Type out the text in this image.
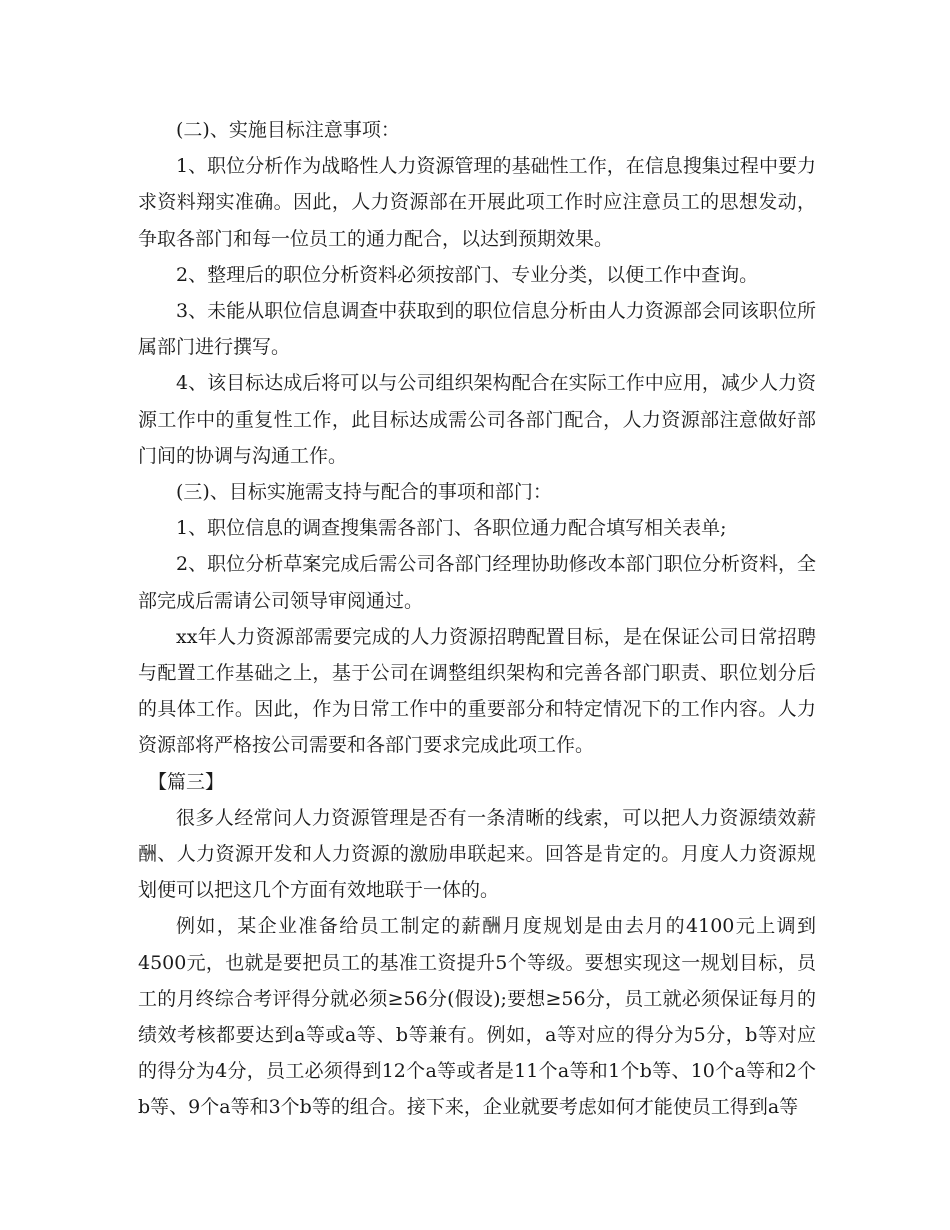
(二)、实施目标注意事项：

1、职位分析作为战略性人力资源管理的基础性工作，在信息搜集过程中要力求资料翔实准确。因此，人力资源部在开展此项工作时应注意员工的思想发动，争取各部门和每一位员工的通力配合，以达到预期效果。

2、整理后的职位分析资料必须按部门、专业分类，以便工作中查询。

3、未能从职位信息调查中获取到的职位信息分析由人力资源部会同该职位所属部门进行撰写。

4、该目标达成后将可以与公司组织架构配合在实际工作中应用，减少人力资源工作中的重复性工作，此目标达成需公司各部门配合，人力资源部注意做好部门间的协调与沟通工作。

(三)、目标实施需支持与配合的事项和部门：

1、职位信息的调查搜集需各部门、各职位通力配合填写相关表单;

2、职位分析草案完成后需公司各部门经理协助修改本部门职位分析资料，全部完成后需请公司领导审阅通过。

xx年人力资源部需要完成的人力资源招聘配置目标，是在保证公司日常招聘与配置工作基础之上，基于公司在调整组织架构和完善各部门职责、职位划分后的具体工作。因此，作为日常工作中的重要部分和特定情况下的工作内容。人力资源部将严格按公司需要和各部门要求完成此项工作。

【篇三】

很多人经常问人力资源管理是否有一条清晰的线索，可以把人力资源绩效薪酬、人力资源开发和人力资源的激励串联起来。回答是肯定的。月度人力资源规划便可以把这几个方面有效地联于一体的。

例如，某企业准备给员工制定的薪酬月度规划是由去月的4100元上调到4500元，也就是要把员工的基准工资提升5个等级。要想实现这一规划目标，员工的月终综合考评得分就必须≥56分(假设);要想≥56分，员工就必须保证每月的绩效考核都要达到a等或a等、b等兼有。例如，a等对应的得分为5分，b等对应的得分为4分，员工必须得到12个a等或者是11个a等和1个b等、10个a等和2个b等、9个a等和3个b等的组合。接下来，企业就要考虑如何才能使员工得到a等
